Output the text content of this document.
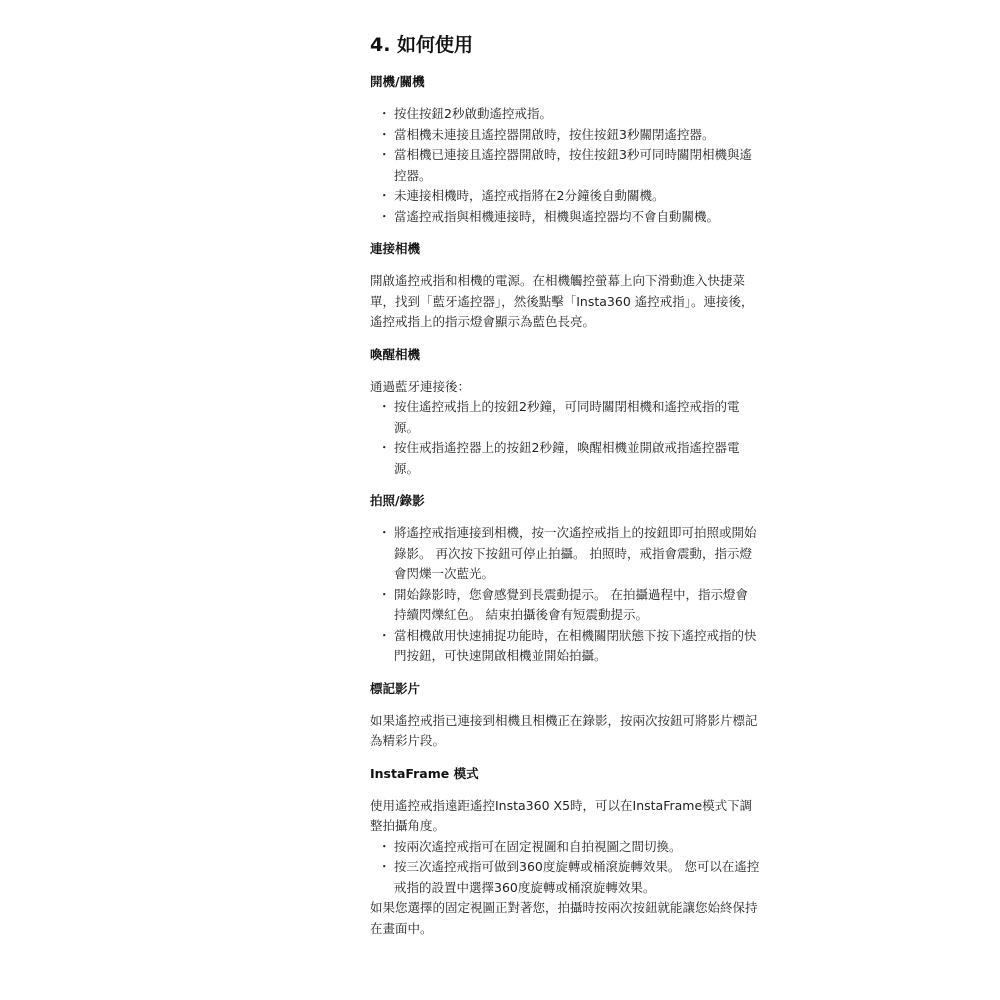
4. 如何使用
開機/關機
・ 按住按鈕2秒啟動遙控戒指。
・ 當相機未連接且遙控器開啟時，按住按鈕3秒關閉遙控器。
・ 當相機已連接且遙控器開啟時，按住按鈕3秒可同時關閉相機與遙控器。
・ 未連接相機時，遙控戒指將在2分鐘後自動關機。
・ 當遙控戒指與相機連接時，相機與遙控器均不會自動關機。
連接相機

開啟遙控戒指和相機的電源。在相機觸控螢幕上向下滑動進入快捷菜單，找到「藍牙遙控器」，然後點擊「Insta360 遙控戒指」。連接後，遙控戒指上的指示燈會顯示為藍色長亮。

喚醒相機

通過藍牙連接後：

・ 按住遙控戒指上的按鈕2秒鐘，可同時關閉相機和遙控戒指的電源。
・ 按住戒指遙控器上的按鈕2秒鐘，喚醒相機並開啟戒指遙控器電源。
拍照/錄影
・ 將遙控戒指連接到相機，按一次遙控戒指上的按鈕即可拍照或開始錄影。 再次按下按鈕可停止拍攝。 拍照時，戒指會震動，指示燈會閃爍一次藍光。
・ 開始錄影時，您會感覺到長震動提示。 在拍攝過程中，指示燈會持續閃爍紅色。 結束拍攝後會有短震動提示。
・ 當相機啟用快速捕捉功能時，在相機關閉狀態下按下遙控戒指的快門按鈕，可快速開啟相機並開始拍攝。
標記影片

如果遙控戒指已連接到相機且相機正在錄影，按兩次按鈕可將影片標記為精彩片段。

InstaFrame 模式

使用遙控戒指遠距遙控Insta360 X5時，可以在InstaFrame模式下調整拍攝角度。

・ 按兩次遙控戒指可在固定視圖和自拍視圖之間切換。
・ 按三次遙控戒指可做到360度旋轉或桶滾旋轉效果。 您可以在遙控戒指的設置中選擇360度旋轉或桶滾旋轉效果。

如果您選擇的固定視圖正對著您，拍攝時按兩次按鈕就能讓您始終保持在畫面中。
